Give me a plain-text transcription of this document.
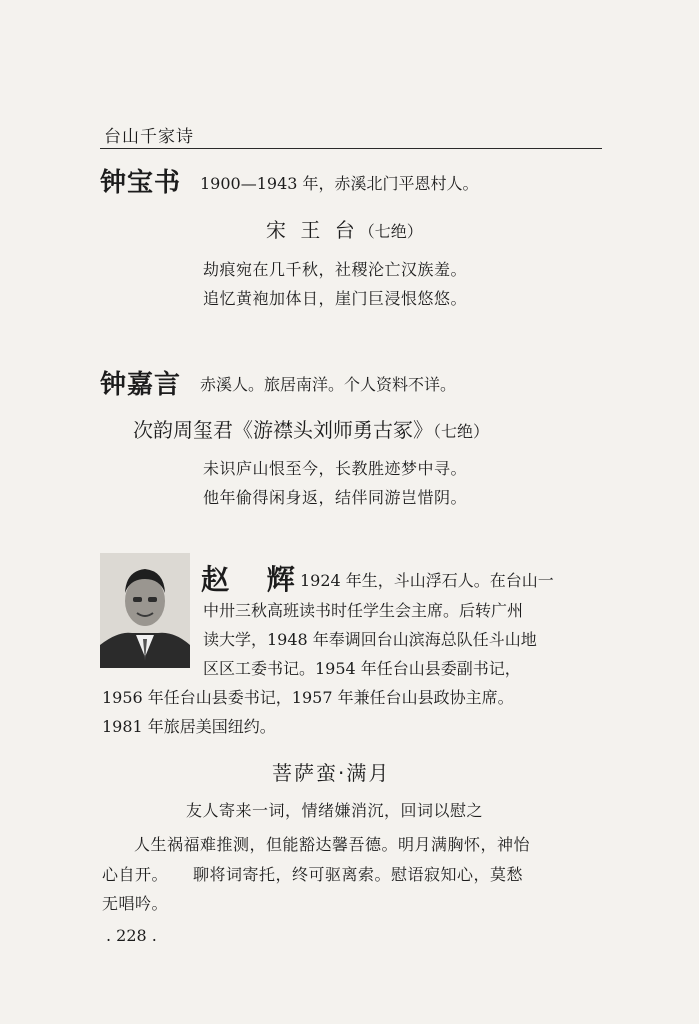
台山千家诗
钟宝书 1900—1943 年，赤溪北门平恩村人。
宋 王 台（七绝）
劫痕宛在几千秋，社稷沦亡汉族羞。
追忆黄袍加体日，崖门巨浸恨悠悠。
钟嘉言 赤溪人。旅居南洋。个人资料不详。
次韵周玺君《游襟头刘师勇古冢》（七绝）
未识庐山恨至今，长教胜迹梦中寻。
他年偷得闲身返，结伴同游岂惜阴。
赵 辉
1924 年生，斗山浮石人。在台山一
中卅三秋高班读书时任学生会主席。后转广州
读大学，1948 年奉调回台山滨海总队任斗山地
区区工委书记。1954 年任台山县委副书记，
1956 年任台山县委书记，1957 年兼任台山县政协主席。
1981 年旅居美国纽约。
菩萨蛮·满月
友人寄来一词，情绪嫌消沉，回词以慰之
人生祸福难推测，但能豁达馨吾德。明月满胸怀，神怡
心自开。　　聊将词寄托，终可驱离索。慰语寂知心，莫愁
无唱吟。
. 228 .
